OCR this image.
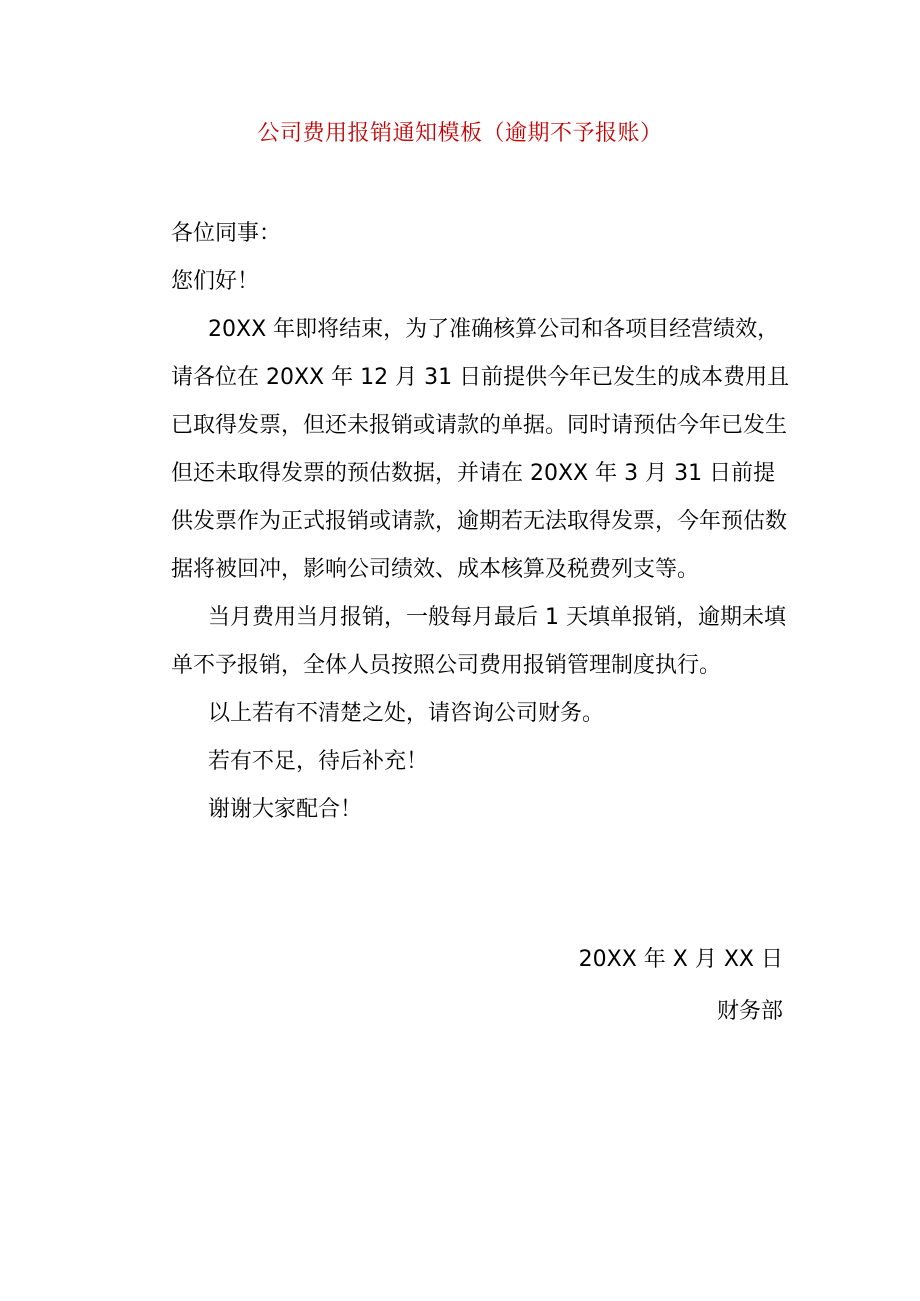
公司费用报销通知模板（逾期不予报账）

各位同事：

您们好！

20XX 年即将结束，为了准确核算公司和各项目经营绩效，请各位在 20XX 年 12 月 31 日前提供今年已发生的成本费用且已取得发票，但还未报销或请款的单据。同时请预估今年已发生但还未取得发票的预估数据，并请在 20XX 年 3 月 31 日前提供发票作为正式报销或请款，逾期若无法取得发票，今年预估数据将被回冲，影响公司绩效、成本核算及税费列支等。

当月费用当月报销，一般每月最后 1 天填单报销，逾期未填单不予报销，全体人员按照公司费用报销管理制度执行。

以上若有不清楚之处，请咨询公司财务。

若有不足，待后补充！

谢谢大家配合！

20XX 年 X 月 XX 日
财务部
